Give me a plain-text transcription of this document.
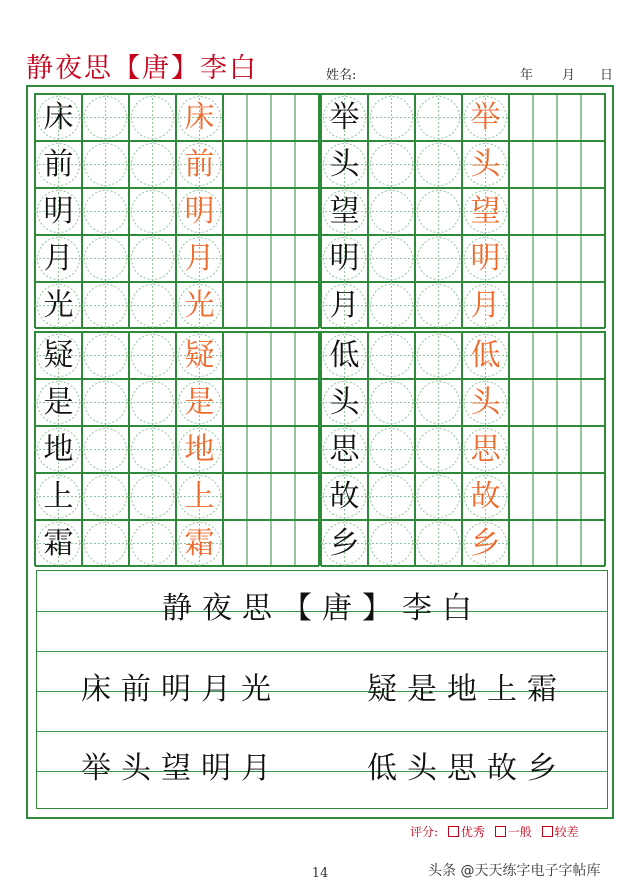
静夜思【唐】李白	姓名:	年 月 日
床	床
前	前
明	明
月	月
光	光
举	举
头	头
望	望
明	明
月	月
疑	疑
是	是
地	地
上	上
霜	霜
低	低
头	头
思	思
故	故
乡	乡
静夜思【唐】李白
床前明月光	疑是地上霜
举头望明月	低头思故乡
评分: 优秀 一般 较差
14	头条 @天天练字电子字帖库
